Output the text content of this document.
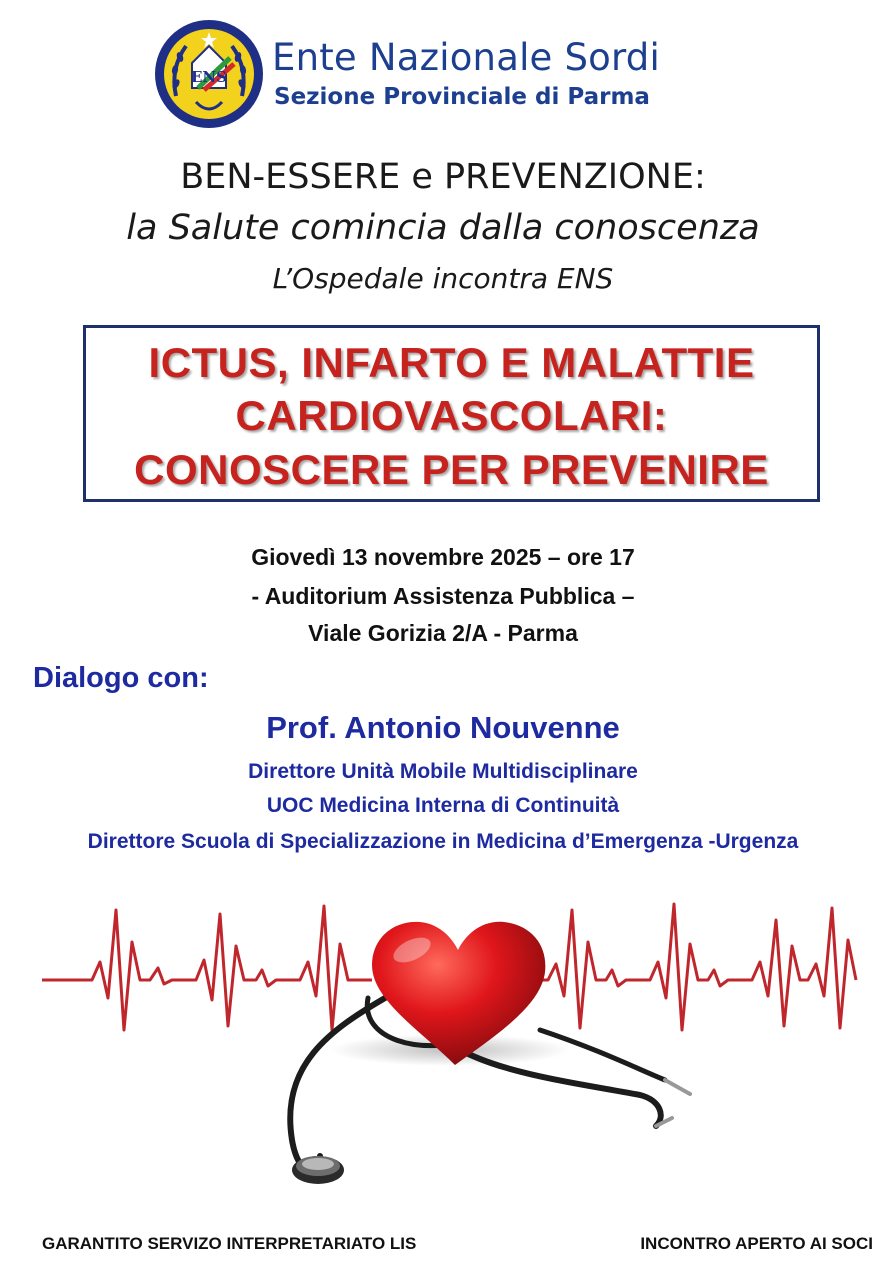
ENS Ente Nazionale Sordi
Sezione Provinciale di Parma
BEN-ESSERE e PREVENZIONE:
la Salute comincia dalla conoscenza
L’Ospedale incontra ENS
ICTUS, INFARTO E MALATTIE
CARDIOVASCOLARI:
CONOSCERE PER PREVENIRE
Giovedì 13 novembre 2025 – ore 17
- Auditorium Assistenza Pubblica –
Viale Gorizia 2/A - Parma
Dialogo con:
Prof. Antonio Nouvenne
Direttore Unità Mobile Multidisciplinare
UOC Medicina Interna di Continuità
Direttore Scuola di Specializzazione in Medicina d’Emergenza -Urgenza
GARANTITO SERVIZO INTERPRETARIATO LIS	INCONTRO APERTO AI SOCI
